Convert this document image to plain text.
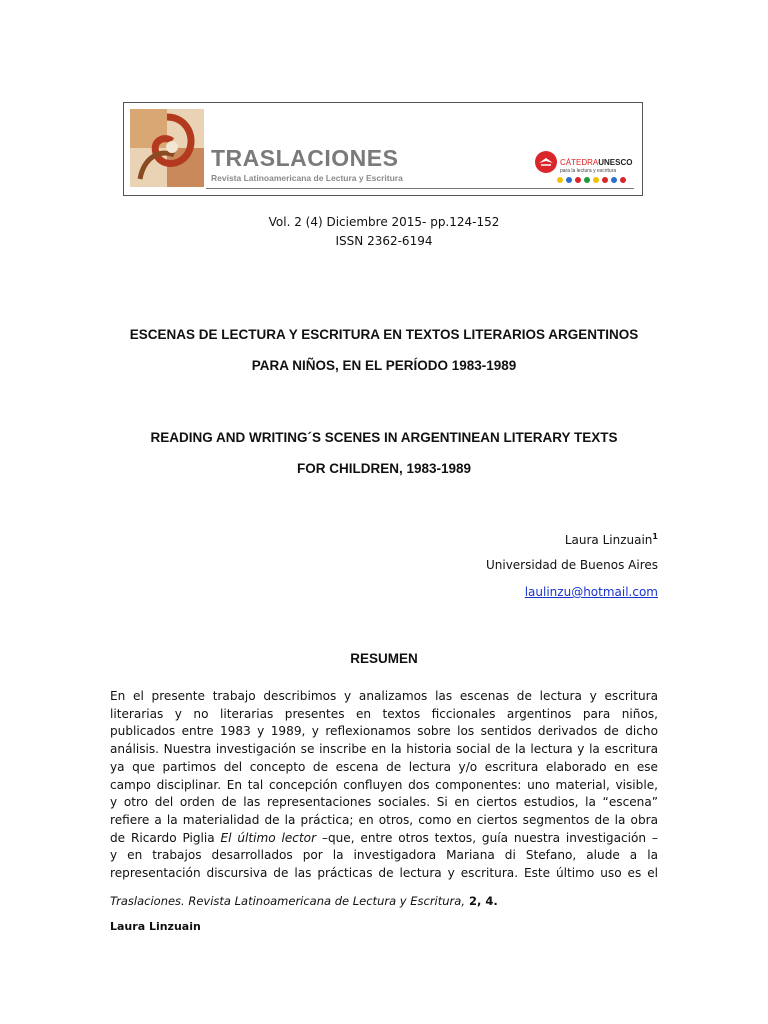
TRASLACIONES
Revista Latinoamericana de Lectura y Escritura
CÁTEDRAUNESCO
para la lectura y escritura
Vol. 2 (4) Diciembre 2015- pp.124-152
ISSN 2362-6194
ESCENAS DE LECTURA Y ESCRITURA EN TEXTOS LITERARIOS ARGENTINOS
PARA NIÑOS, EN EL PERÍODO 1983-1989
READING AND WRITING´S SCENES IN ARGENTINEAN LITERARY TEXTS
FOR CHILDREN, 1983-1989
Laura Linzuain$^1$
Universidad de Buenos Aires
laulinzu@hotmail.com
RESUMEN
En el presente trabajo describimos y analizamos las escenas de lectura y escritura
literarias y no literarias presentes en textos ficcionales argentinos para niños,
publicados entre 1983 y 1989, y reflexionamos sobre los sentidos derivados de dicho
análisis. Nuestra investigación se inscribe en la historia social de la lectura y la escritura
ya que partimos del concepto de escena de lectura y/o escritura elaborado en ese
campo disciplinar. En tal concepción confluyen dos componentes: uno material, visible,
y otro del orden de las representaciones sociales. Si en ciertos estudios, la “escena”
refiere a la materialidad de la práctica; en otros, como en ciertos segmentos de la obra
de Ricardo Piglia El último lector –que, entre otros textos, guía nuestra investigación –
y en trabajos desarrollados por la investigadora Mariana di Stefano, alude a la
representación discursiva de las prácticas de lectura y escritura. Este último uso es el
Traslaciones. Revista Latinoamericana de Lectura y Escritura, 2, 4.
Laura Linzuain
